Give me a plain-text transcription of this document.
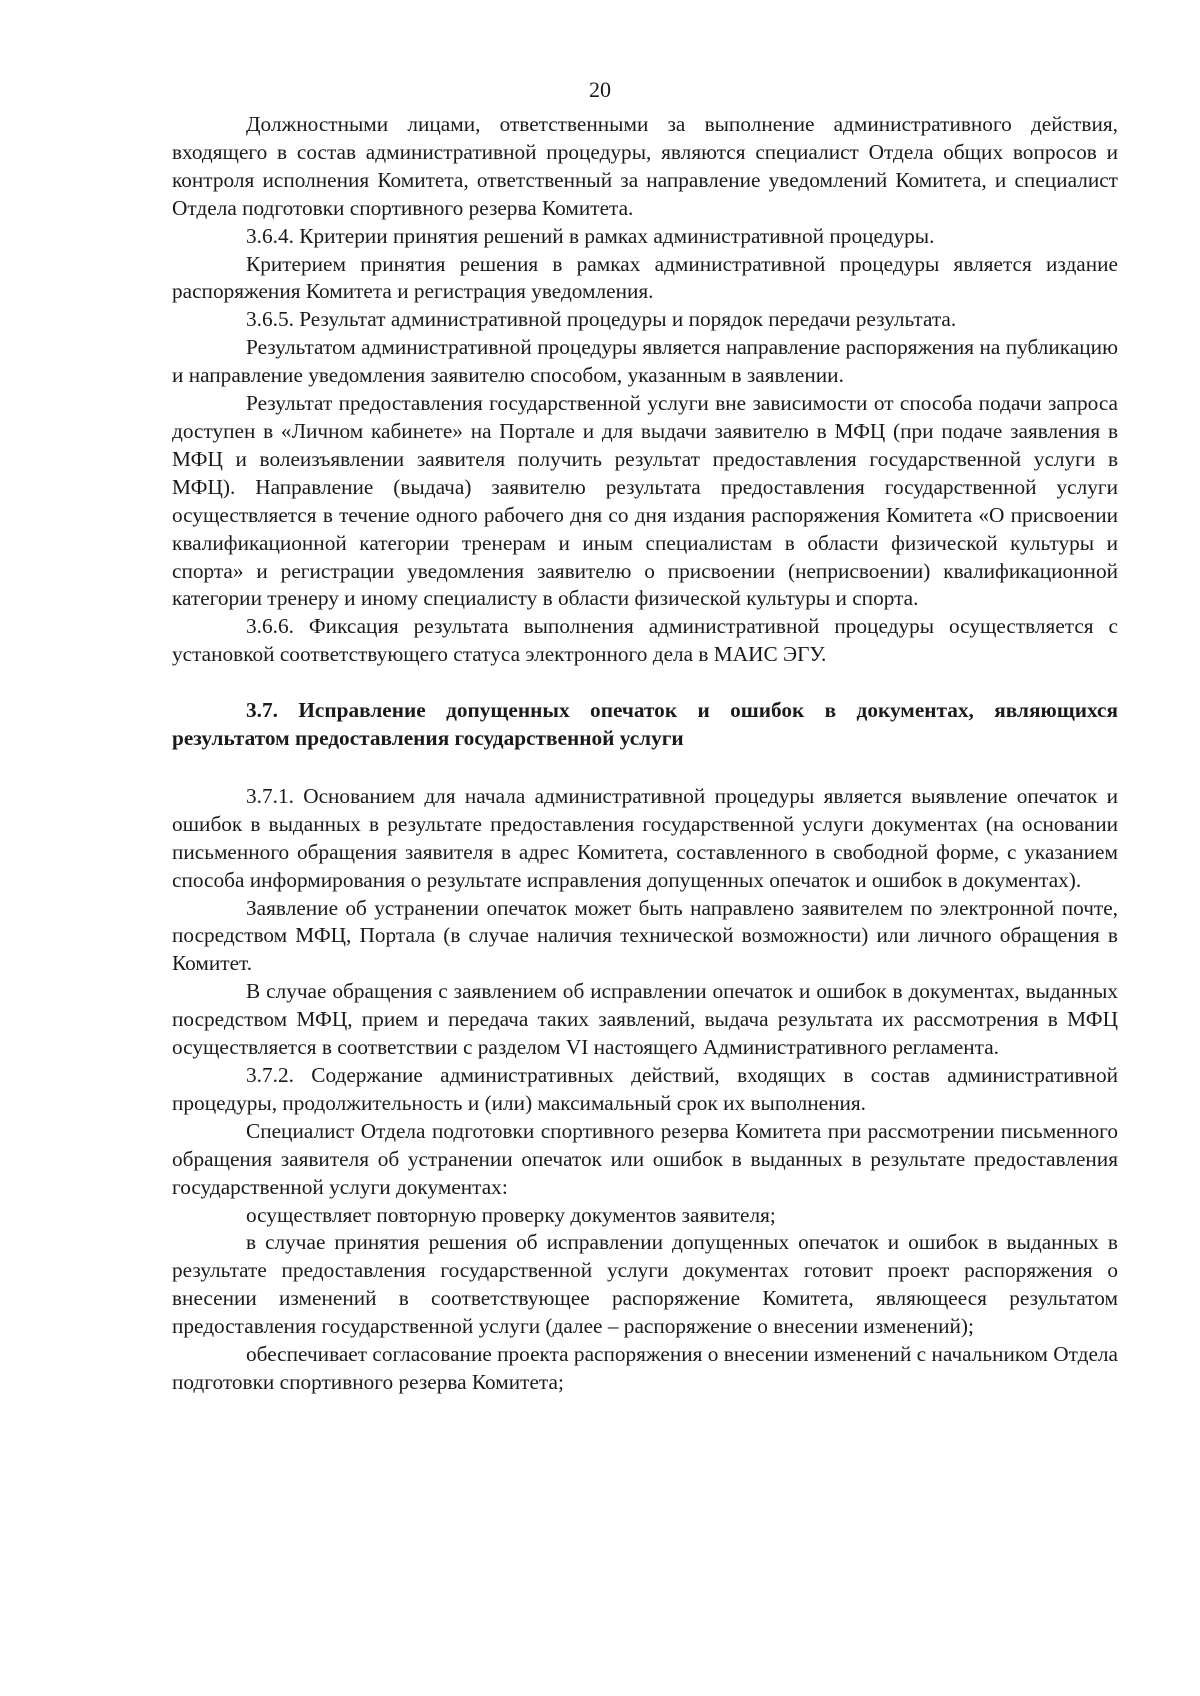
20

Должностными лицами, ответственными за выполнение административного действия, входящего в состав административной процедуры, являются специалист Отдела общих вопросов и контроля исполнения Комитета, ответственный за направление уведомлений Комитета, и специалист Отдела подготовки спортивного резерва Комитета.

3.6.4. Критерии принятия решений в рамках административной процедуры.

Критерием принятия решения в рамках административной процедуры является издание распоряжения Комитета и регистрация уведомления.

3.6.5. Результат административной процедуры и порядок передачи результата.

Результатом административной процедуры является направление распоряжения на публикацию и направление уведомления заявителю способом, указанным в заявлении.

Результат предоставления государственной услуги вне зависимости от способа подачи запроса доступен в «Личном кабинете» на Портале и для выдачи заявителю в МФЦ (при подаче заявления в МФЦ и волеизъявлении заявителя получить результат предоставления государственной услуги в МФЦ). Направление (выдача) заявителю результата предоставления государственной услуги осуществляется в течение одного рабочего дня со дня издания распоряжения Комитета «О присвоении квалификационной категории тренерам и иным специалистам в области физической культуры и спорта» и регистрации уведомления заявителю о присвоении (неприсвоении) квалификационной категории тренеру и иному специалисту в области физической культуры и спорта.

3.6.6. Фиксация результата выполнения административной процедуры осуществляется с установкой соответствующего статуса электронного дела в МАИС ЭГУ.

3.7. Исправление допущенных опечаток и ошибок в документах, являющихся результатом предоставления государственной услуги

3.7.1. Основанием для начала административной процедуры является выявление опечаток и ошибок в выданных в результате предоставления государственной услуги документах (на основании письменного обращения заявителя в адрес Комитета, составленного в свободной форме, с указанием способа информирования о результате исправления допущенных опечаток и ошибок в документах).

Заявление об устранении опечаток может быть направлено заявителем по электронной почте, посредством МФЦ, Портала (в случае наличия технической возможности) или личного обращения в Комитет.

В случае обращения с заявлением об исправлении опечаток и ошибок в документах, выданных посредством МФЦ, прием и передача таких заявлений, выдача результата их рассмотрения в МФЦ осуществляется в соответствии с разделом VI настоящего Административного регламента.

3.7.2. Содержание административных действий, входящих в состав административной процедуры, продолжительность и (или) максимальный срок их выполнения.

Специалист Отдела подготовки спортивного резерва Комитета при рассмотрении письменного обращения заявителя об устранении опечаток или ошибок в выданных в результате предоставления государственной услуги документах:

осуществляет повторную проверку документов заявителя;

в случае принятия решения об исправлении допущенных опечаток и ошибок в выданных в результате предоставления государственной услуги документах готовит проект распоряжения о внесении изменений в соответствующее распоряжение Комитета, являющееся результатом предоставления государственной услуги (далее – распоряжение о внесении изменений);

обеспечивает согласование проекта распоряжения о внесении изменений с начальником Отдела подготовки спортивного резерва Комитета;
